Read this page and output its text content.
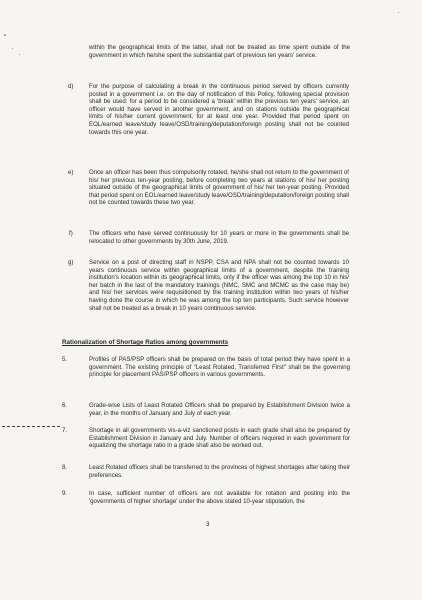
within the geographical limits of the latter, shall not be treated as time spent outside of the government in which he/she spent the substantial part of previous ten years' service.
d)	For the purpose of calculating a break in the continuous period served by officers currently posted in a government i.e. on the day of notification of this Policy, following special provision shall be used: for a period to be considered a 'break' within the previous ten years' service, an officer would have served in another government, and on stations outside the geographical limits of his/her current government, for at least one year. Provided that period spent on EOL/earned leave/study leave/OSD/training/deputation/foreign posting shall not be counted towards this one year.
e)	Once an officer has been thus compulsorily rotated, he/she shall not return to the government of his/ her previous ten-year posting, before completing two years at stations of his/ her posting situated outside of the geographical limits of government of his/ her ten-year posting. Provided that period spent on EOL/earned leave/study leave/OSD/training/deputation/foreign posting shall not be counted towards these two year.
f)	The officers who have served continuously for 10 years or more in the governments shall be relocated to other governments by 30th June, 2019.
g)	Service on a post of directing staff in NSPP, CSA and NPA shall not be counted towards 10 years continuous service within geographical limits of a government, despite the training institution's location within its geographical limits, only if the officer was among the top 10 in his/ her batch in the last of the mandatory trainings (NMC, SMC and MCMC as the case may be) and his/ her services were requisitioned by the training institution within two years of his/her having done the course in which he was among the top ten participants. Such service however shall not be treated as a break in 10 years continuous service.
Rationalization of Shortage Ratios among governments
5.	Profiles of PAS/PSP officers shall be prepared on the basis of total period they have spent in a government. The existing principle of "Least Rotated, Transferred First" shall be the governing principle for placement PAS/PSP officers in various governments.
6.	Grade-wise Lists of Least Rotated Officers shall be prepared by Establishment Division twice a year, in the months of January and July of each year.
7.	Shortage in all governments vis-a-viz sanctioned posts in each grade shall also be prepared by Establishment Division in January and July. Number of officers required in each government for equalizing the shortage ratio in a grade shall also be worked out.
8.	Least Rotated officers shall be transferred to the provinces of highest shortages after taking their preferences.
9.	In case, sufficient number of officers are not available for rotation and posting into the 'governments of higher shortage' under the above stated 10-year stipulation, the
3
